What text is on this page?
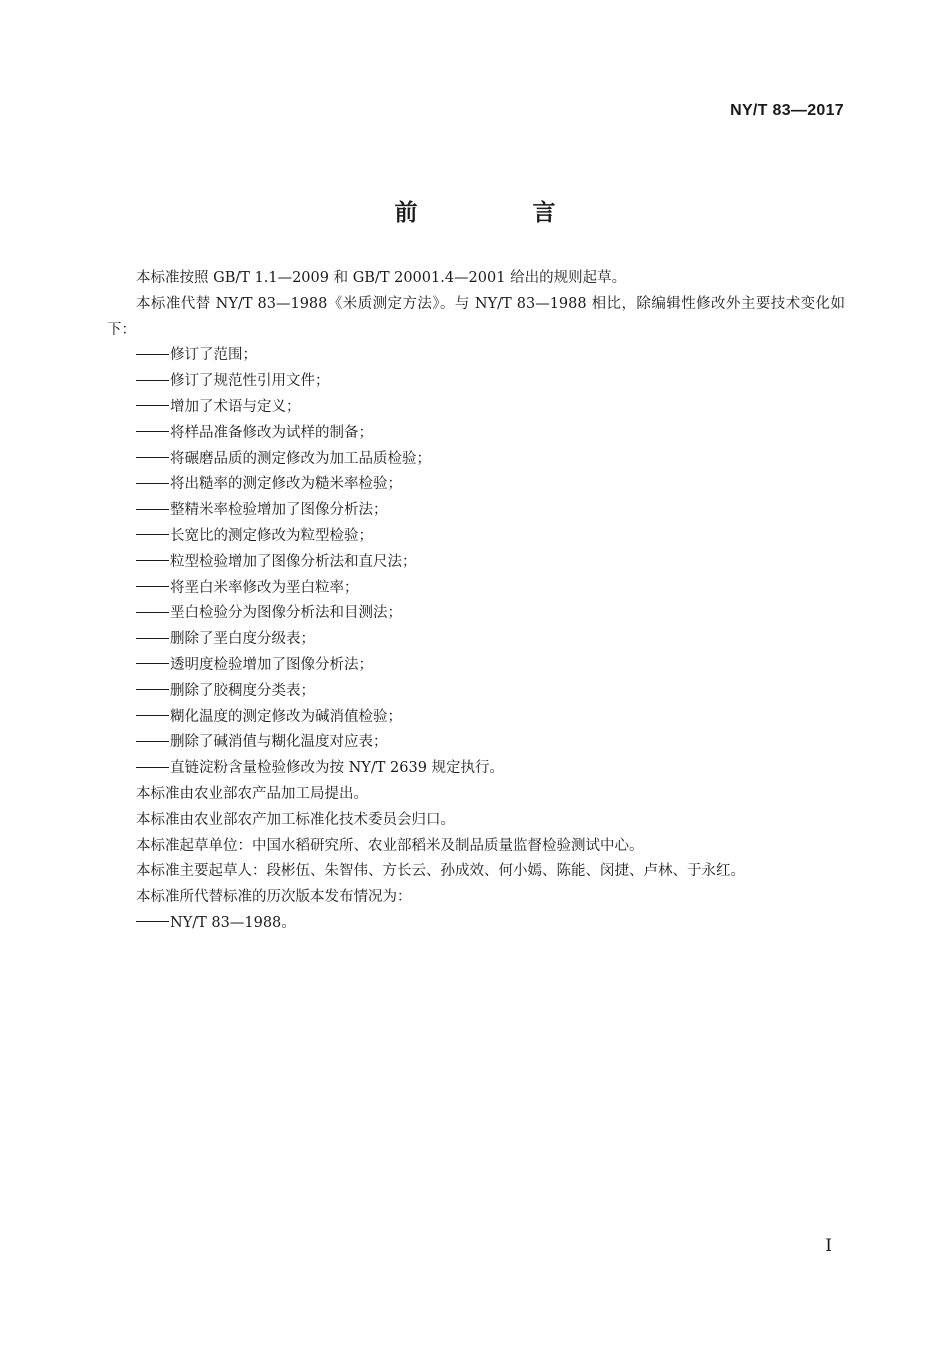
NY/T 83—2017
前　言

本标准按照 GB/T 1.1—2009 和 GB/T 20001.4—2001 给出的规则起草。

本标准代替 NY/T 83—1988《米质测定方法》。与 NY/T 83—1988 相比，除编辑性修改外主要技术变化如下：

修订了范围；
修订了规范性引用文件；
增加了术语与定义；
将样品准备修改为试样的制备；
将碾磨品质的测定修改为加工品质检验；
将出糙率的测定修改为糙米率检验；
整精米率检验增加了图像分析法；
长宽比的测定修改为粒型检验；
粒型检验增加了图像分析法和直尺法；
将垩白米率修改为垩白粒率；
垩白检验分为图像分析法和目测法；
删除了垩白度分级表；
透明度检验增加了图像分析法；
删除了胶稠度分类表；
糊化温度的测定修改为碱消值检验；
删除了碱消值与糊化温度对应表；
直链淀粉含量检验修改为按 NY/T 2639 规定执行。

本标准由农业部农产品加工局提出。

本标准由农业部农产加工标准化技术委员会归口。

本标准起草单位：中国水稻研究所、农业部稻米及制品质量监督检验测试中心。

本标准主要起草人：段彬伍、朱智伟、方长云、孙成效、何小嫣、陈能、闵捷、卢林、于永红。

本标准所代替标准的历次版本发布情况为：

NY/T 83—1988。
I
